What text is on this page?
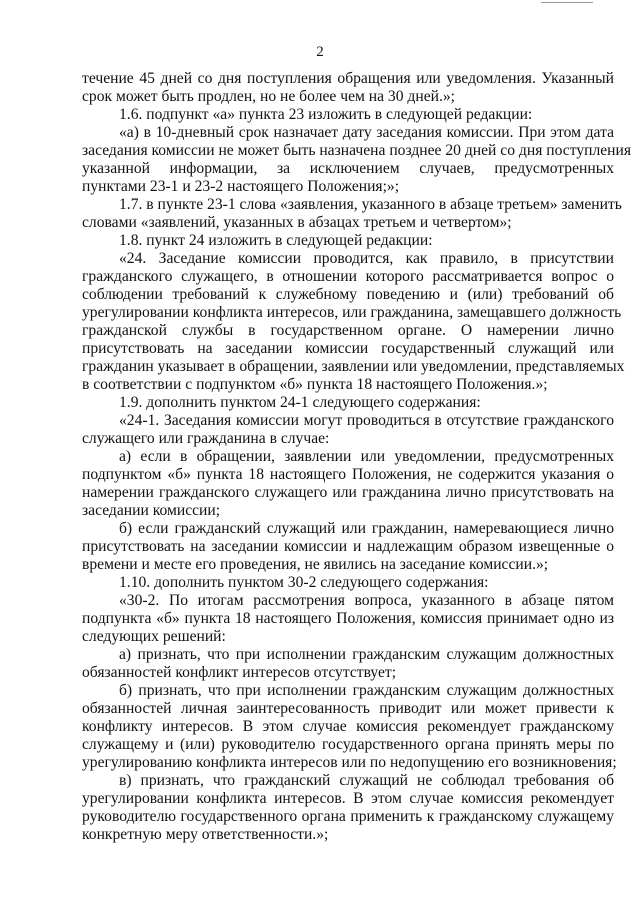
2
течение 45 дней со дня поступления обращения или уведомления. Указанный
срок может быть продлен, но не более чем на 30 дней.»;
1.6. подпункт «а» пункта 23 изложить в следующей редакции:
«а) в 10-дневный срок назначает дату заседания комиссии. При этом дата
заседания комиссии не может быть назначена позднее 20 дней со дня поступления
указанной информации, за исключением случаев, предусмотренных
пунктами 23-1 и 23-2 настоящего Положения;»;
1.7. в пункте 23-1 слова «заявления, указанного в абзаце третьем» заменить
словами «заявлений, указанных в абзацах третьем и четвертом»;
1.8. пункт 24 изложить в следующей редакции:
«24. Заседание комиссии проводится, как правило, в присутствии
гражданского служащего, в отношении которого рассматривается вопрос о
соблюдении требований к служебному поведению и (или) требований об
урегулировании конфликта интересов, или гражданина, замещавшего должность
гражданской службы в государственном органе. О намерении лично
присутствовать на заседании комиссии государственный служащий или
гражданин указывает в обращении, заявлении или уведомлении, представляемых
в соответствии с подпунктом «б» пункта 18 настоящего Положения.»;
1.9. дополнить пунктом 24-1 следующего содержания:
«24-1. Заседания комиссии могут проводиться в отсутствие гражданского
служащего или гражданина в случае:
а) если в обращении, заявлении или уведомлении, предусмотренных
подпунктом «б» пункта 18 настоящего Положения, не содержится указания о
намерении гражданского служащего или гражданина лично присутствовать на
заседании комиссии;
б) если гражданский служащий или гражданин, намеревающиеся лично
присутствовать на заседании комиссии и надлежащим образом извещенные о
времени и месте его проведения, не явились на заседание комиссии.»;
1.10. дополнить пунктом 30-2 следующего содержания:
«30-2. По итогам рассмотрения вопроса, указанного в абзаце пятом
подпункта «б» пункта 18 настоящего Положения, комиссия принимает одно из
следующих решений:
а) признать, что при исполнении гражданским служащим должностных
обязанностей конфликт интересов отсутствует;
б) признать, что при исполнении гражданским служащим должностных
обязанностей личная заинтересованность приводит или может привести к
конфликту интересов. В этом случае комиссия рекомендует гражданскому
служащему и (или) руководителю государственного органа принять меры по
урегулированию конфликта интересов или по недопущению его возникновения;
в) признать, что гражданский служащий не соблюдал требования об
урегулировании конфликта интересов. В этом случае комиссия рекомендует
руководителю государственного органа применить к гражданскому служащему
конкретную меру ответственности.»;
